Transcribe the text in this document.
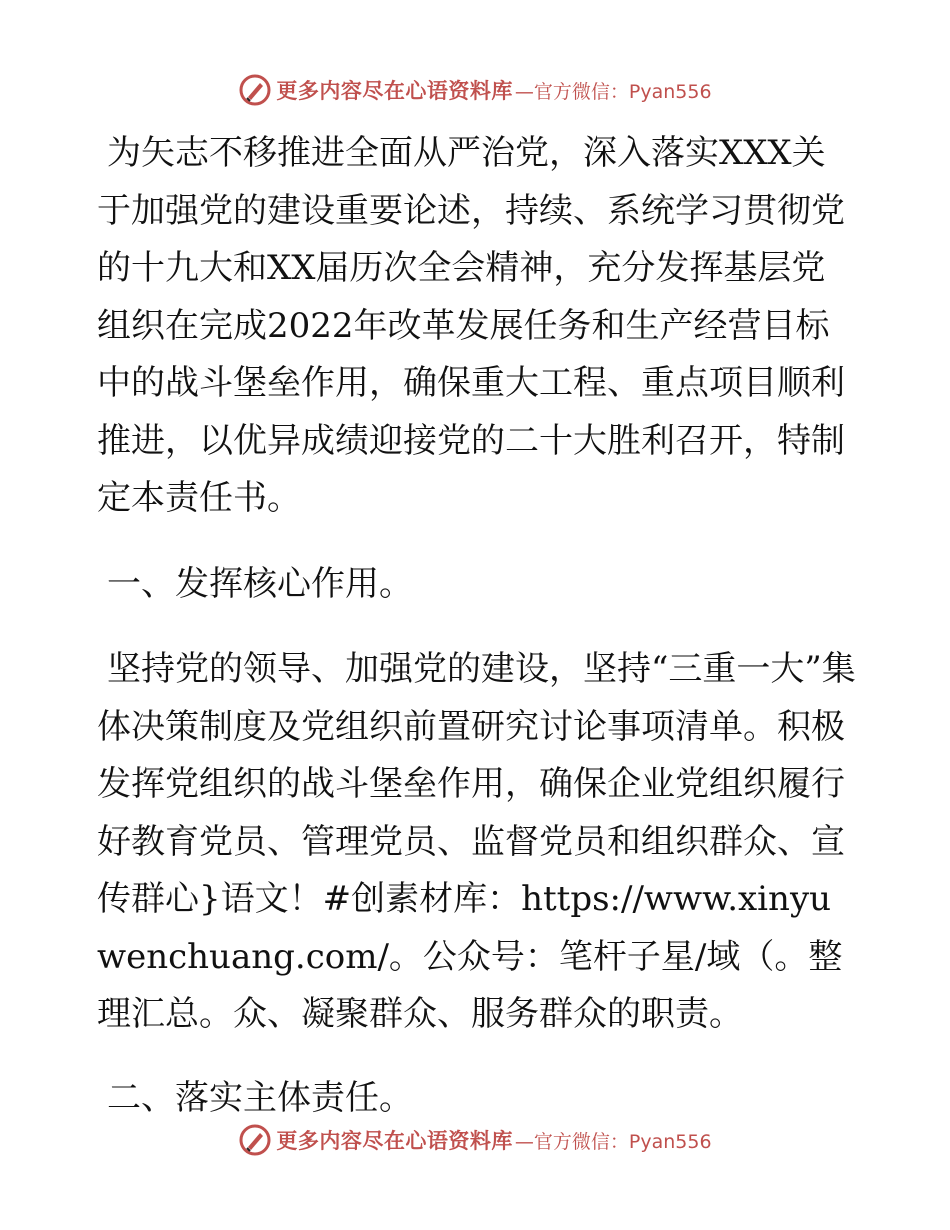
更多内容尽在心语资料库 —官方微信：Pyan556

为矢志不移推进全面从严治党，深入落实XXX关于加强党的建设重要论述，持续、系统学习贯彻党的十九大和XX届历次全会精神，充分发挥基层党组织在完成2022年改革发展任务和生产经营目标中的战斗堡垒作用，确保重大工程、重点项目顺利推进，以优异成绩迎接党的二十大胜利召开，特制定本责任书。

一、发挥核心作用。

坚持党的领导、加强党的建设，坚持“三重一大”集体决策制度及党组织前置研究讨论事项清单。积极发挥党组织的战斗堡垒作用，确保企业党组织履行好教育党员、管理党员、监督党员和组织群众、宣传群心}语文！#创素材库：https://www.xinyuwenchuang.com/。公众号：笔杆子星/域（。整理汇总。众、凝聚群众、服务群众的职责。

二、落实主体责任。

更多内容尽在心语资料库 —官方微信：Pyan556
